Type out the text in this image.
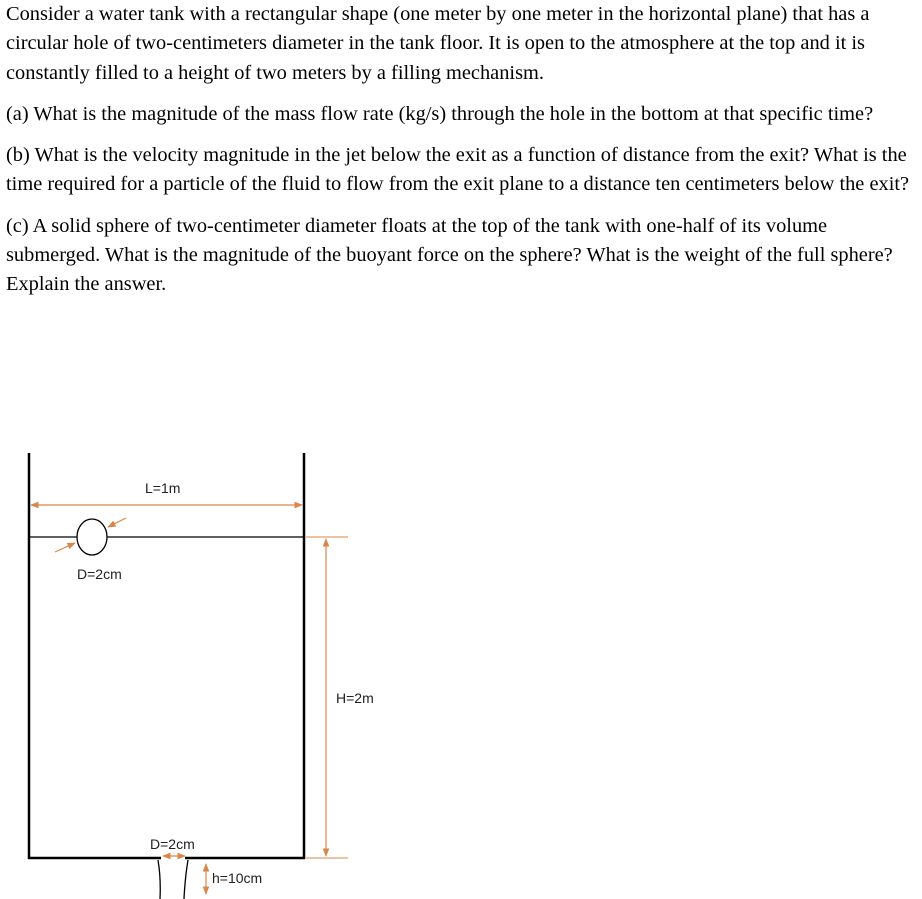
Consider a water tank with a rectangular shape (one meter by one meter in the horizontal plane) that has a circular hole of two-centimeters diameter in the tank floor. It is open to the atmosphere at the top and it is constantly filled to a height of two meters by a filling mechanism.

(a) What is the magnitude of the mass flow rate (kg/s) through the hole in the bottom at that specific time?

(b) What is the velocity magnitude in the jet below the exit as a function of distance from the exit? What is the time required for a particle of the fluid to flow from the exit plane to a distance ten centimeters below the exit?

(c) A solid sphere of two-centimeter diameter floats at the top of the tank with one-half of its volume submerged. What is the magnitude of the buoyant force on the sphere? What is the weight of the full sphere? Explain the answer.

L=1m
D=2cm
H=2m
D=2cm
h=10cm
